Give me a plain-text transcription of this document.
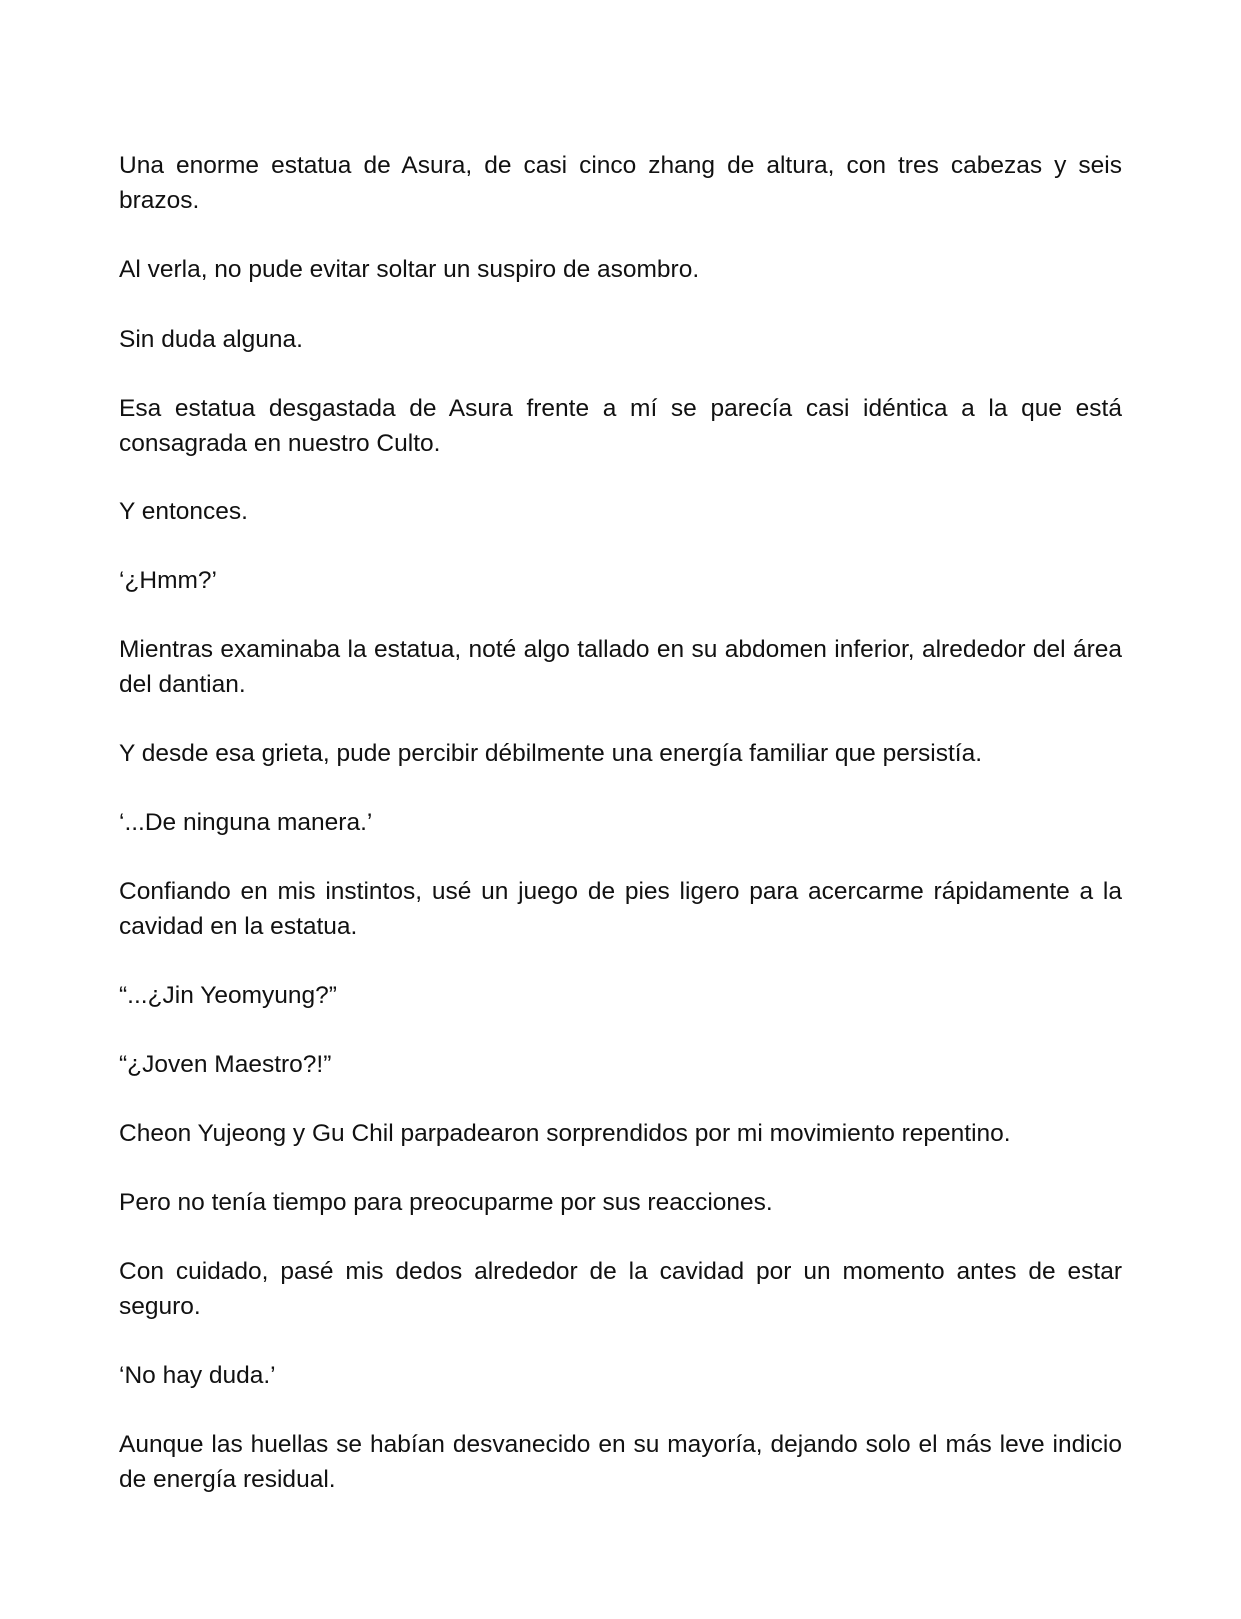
Una enorme estatua de Asura, de casi cinco zhang de altura, con tres cabezas y seis brazos.

Al verla, no pude evitar soltar un suspiro de asombro.

Sin duda alguna.

Esa estatua desgastada de Asura frente a mí se parecía casi idéntica a la que está consagrada en nuestro Culto.

Y entonces.

‘¿Hmm?’

Mientras examinaba la estatua, noté algo tallado en su abdomen inferior, alrededor del área del dantian.

Y desde esa grieta, pude percibir débilmente una energía familiar que persistía.

‘...De ninguna manera.’

Confiando en mis instintos, usé un juego de pies ligero para acercarme rápidamente a la cavidad en la estatua.

“...¿Jin Yeomyung?”

“¿Joven Maestro?!”

Cheon Yujeong y Gu Chil parpadearon sorprendidos por mi movimiento repentino.

Pero no tenía tiempo para preocuparme por sus reacciones.

Con cuidado, pasé mis dedos alrededor de la cavidad por un momento antes de estar seguro.

‘No hay duda.’

Aunque las huellas se habían desvanecido en su mayoría, dejando solo el más leve indicio de energía residual.
